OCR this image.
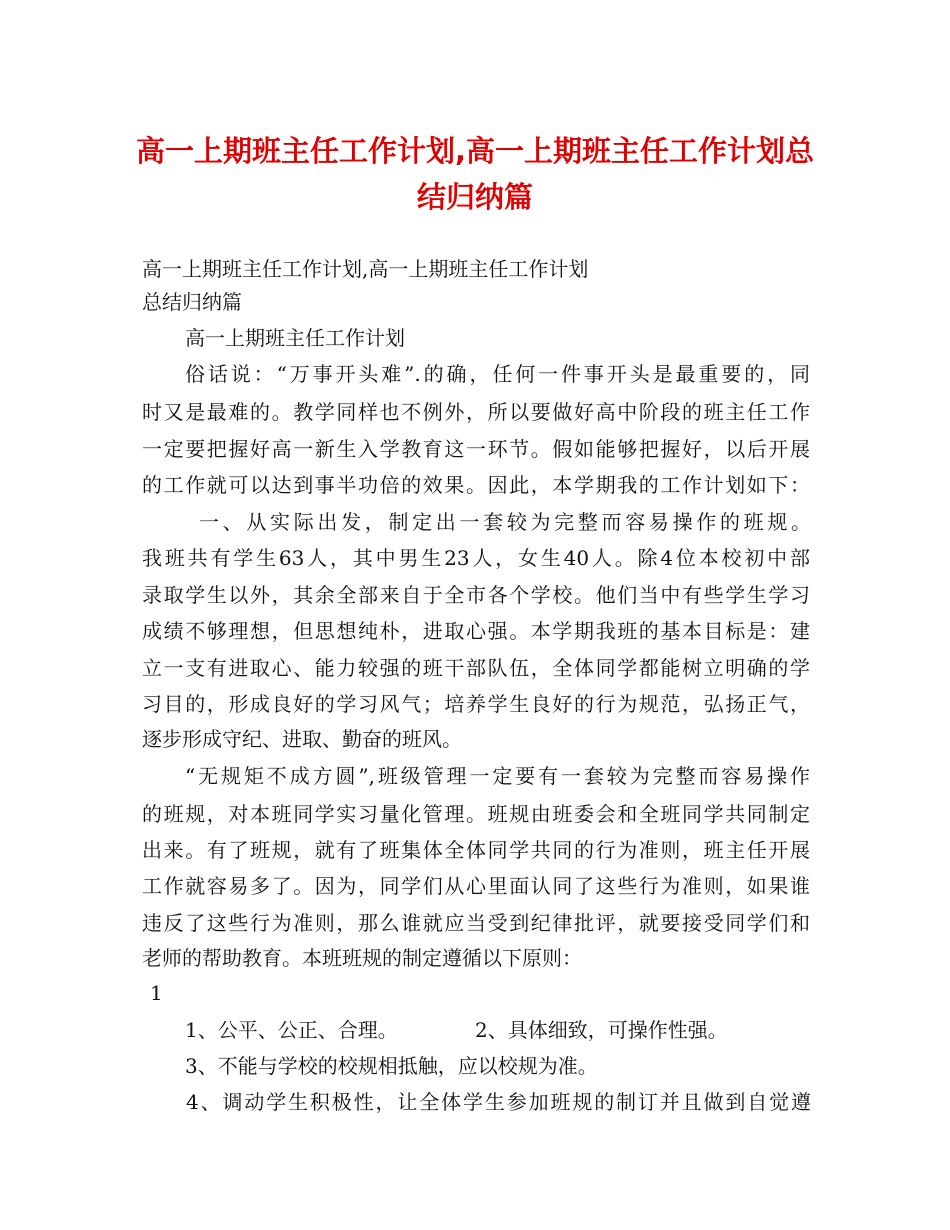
高一上期班主任工作计划,高一上期班主任工作计划总
结归纳篇

高一上期班主任工作计划,高一上期班主任工作计划

总结归纳篇

高一上期班主任工作计划

俗话说：“万事开头难”.的确，任何一件事开头是最重要的，同

时又是最难的。教学同样也不例外，所以要做好高中阶段的班主任工作

一定要把握好高一新生入学教育这一环节。假如能够把握好，以后开展

的工作就可以达到事半功倍的效果。因此，本学期我的工作计划如下：

一、从实际出发，制定出一套较为完整而容易操作的班规。

我班共有学生63人，其中男生23人，女生40人。除4位本校初中部

录取学生以外，其余全部来自于全市各个学校。他们当中有些学生学习

成绩不够理想，但思想纯朴，进取心强。本学期我班的基本目标是：建

立一支有进取心、能力较强的班干部队伍，全体同学都能树立明确的学

习目的，形成良好的学习风气；培养学生良好的行为规范，弘扬正气，

逐步形成守纪、进取、勤奋的班风。

“无规矩不成方圆”,班级管理一定要有一套较为完整而容易操作

的班规，对本班同学实习量化管理。班规由班委会和全班同学共同制定

出来。有了班规，就有了班集体全体同学共同的行为准则，班主任开展

工作就容易多了。因为，同学们从心里面认同了这些行为准则，如果谁

违反了这些行为准则，那么谁就应当受到纪律批评，就要接受同学们和

老师的帮助教育。本班班规的制定遵循以下原则：

1

1、公平、公正、合理。	2、具体细致，可操作性强。

3、不能与学校的校规相抵触，应以校规为准。

4、调动学生积极性，让全体学生参加班规的制订并且做到自觉遵
